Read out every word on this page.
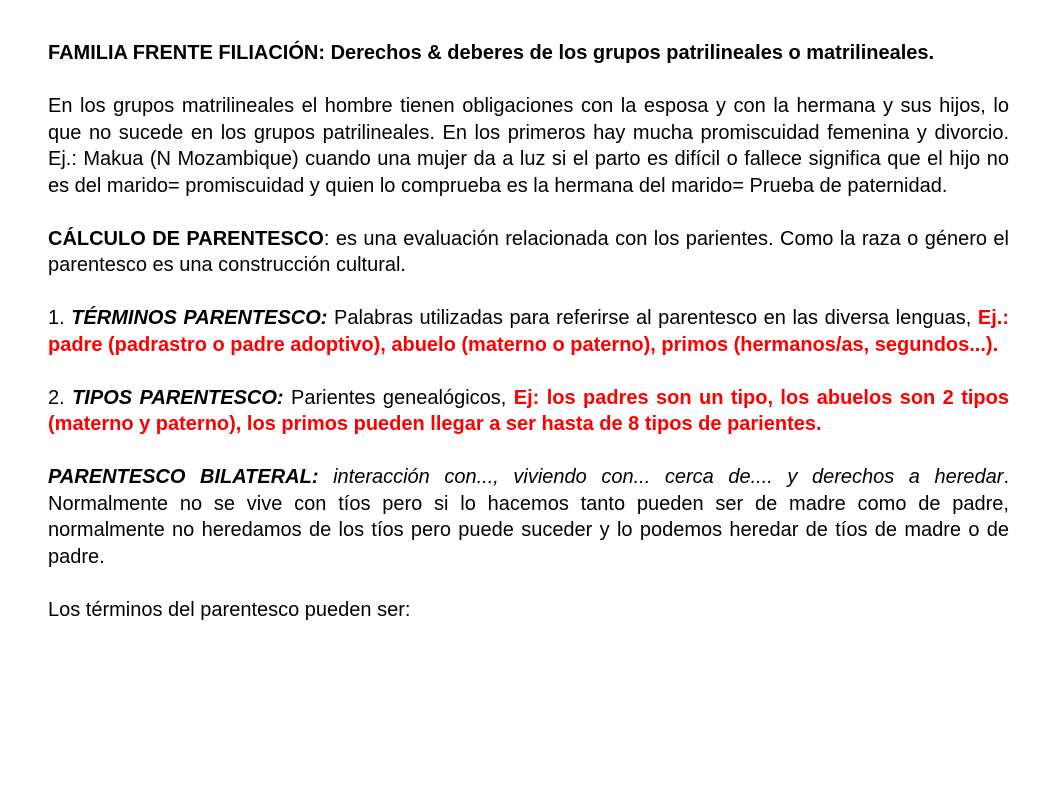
FAMILIA FRENTE FILIACIÓN: Derechos & deberes de los grupos patrilineales o matrilineales.

En los grupos matrilineales el hombre tienen obligaciones con la esposa y con la hermana y sus hijos, lo que no sucede en los grupos patrilineales. En los primeros hay mucha promiscuidad femenina y divorcio. Ej.: Makua (N Mozambique) cuando una mujer da a luz si el parto es difícil o fallece significa que el hijo no es del marido= promiscuidad y quien lo comprueba es la hermana del marido= Prueba de paternidad.

CÁLCULO DE PARENTESCO: es una evaluación relacionada con los parientes. Como la raza o género el parentesco es una construcción cultural.

1. TÉRMINOS PARENTESCO: Palabras utilizadas para referirse al parentesco en las diversa lenguas, Ej.: padre (padrastro o padre adoptivo), abuelo (materno o paterno), primos (hermanos/as, segundos...).

2. TIPOS PARENTESCO: Parientes genealógicos, Ej: los padres son un tipo, los abuelos son 2 tipos (materno y paterno), los primos pueden llegar a ser hasta de 8 tipos de parientes.

PARENTESCO BILATERAL: interacción con..., viviendo con... cerca de.... y derechos a heredar. Normalmente no se vive con tíos pero si lo hacemos tanto pueden ser de madre como de padre, normalmente no heredamos de los tíos pero puede suceder y lo podemos heredar de tíos de madre o de padre.

Los términos del parentesco pueden ser:
